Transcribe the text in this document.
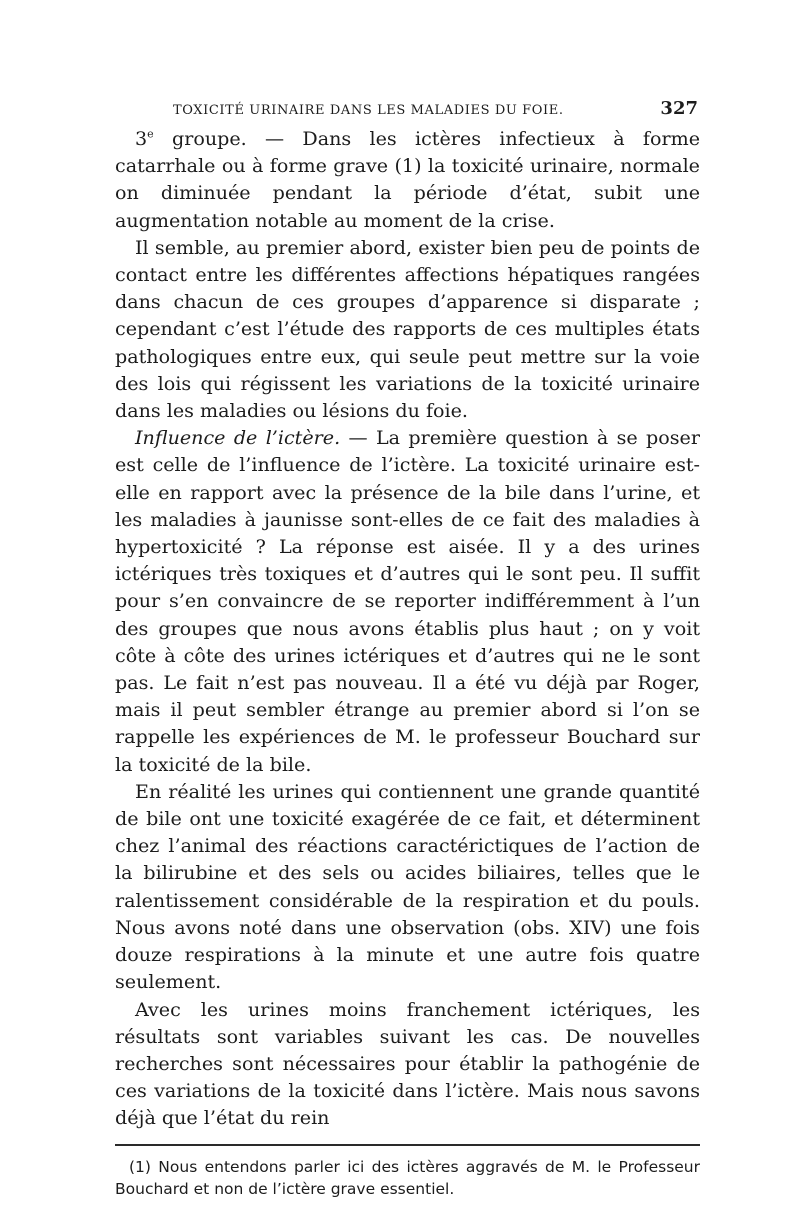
TOXICITÉ URINAIRE DANS LES MALADIES DU FOIE.	327

3e groupe. — Dans les ictères infectieux à forme catarrhale ou à forme grave (1) la toxicité urinaire, normale on diminuée pendant la période d’état, subit une augmentation notable au moment de la crise.

Il semble, au premier abord, exister bien peu de points de contact entre les différentes affections hépatiques rangées dans chacun de ces groupes d’apparence si disparate ; cependant c’est l’étude des rapports de ces multiples états pathologiques entre eux, qui seule peut mettre sur la voie des lois qui régissent les variations de la toxicité urinaire dans les maladies ou lésions du foie.

Influence de l’ictère. — La première question à se poser est celle de l’influence de l’ictère. La toxicité urinaire est-elle en rapport avec la présence de la bile dans l’urine, et les maladies à jaunisse sont-elles de ce fait des maladies à hypertoxicité ? La réponse est aisée. Il y a des urines ictériques très toxiques et d’autres qui le sont peu. Il suffit pour s’en convaincre de se reporter indifféremment à l’un des groupes que nous avons établis plus haut ; on y voit côte à côte des urines ictériques et d’autres qui ne le sont pas. Le fait n’est pas nouveau. Il a été vu déjà par Roger, mais il peut sembler étrange au premier abord si l’on se rappelle les expériences de M. le professeur Bouchard sur la toxicité de la bile.

En réalité les urines qui contiennent une grande quantité de bile ont une toxicité exagérée de ce fait, et déterminent chez l’animal des réactions caractérictiques de l’action de la bilirubine et des sels ou acides biliaires, telles que le ralentissement considérable de la respiration et du pouls. Nous avons noté dans une observation (obs. XIV) une fois douze respirations à la minute et une autre fois quatre seulement.

Avec les urines moins franchement ictériques, les résultats sont variables suivant les cas. De nouvelles recherches sont nécessaires pour établir la pathogénie de ces variations de la toxicité dans l’ictère. Mais nous savons déjà que l’état du rein

(1) Nous entendons parler ici des ictères aggravés de M. le Professeur Bouchard et non de l’ictère grave essentiel.
